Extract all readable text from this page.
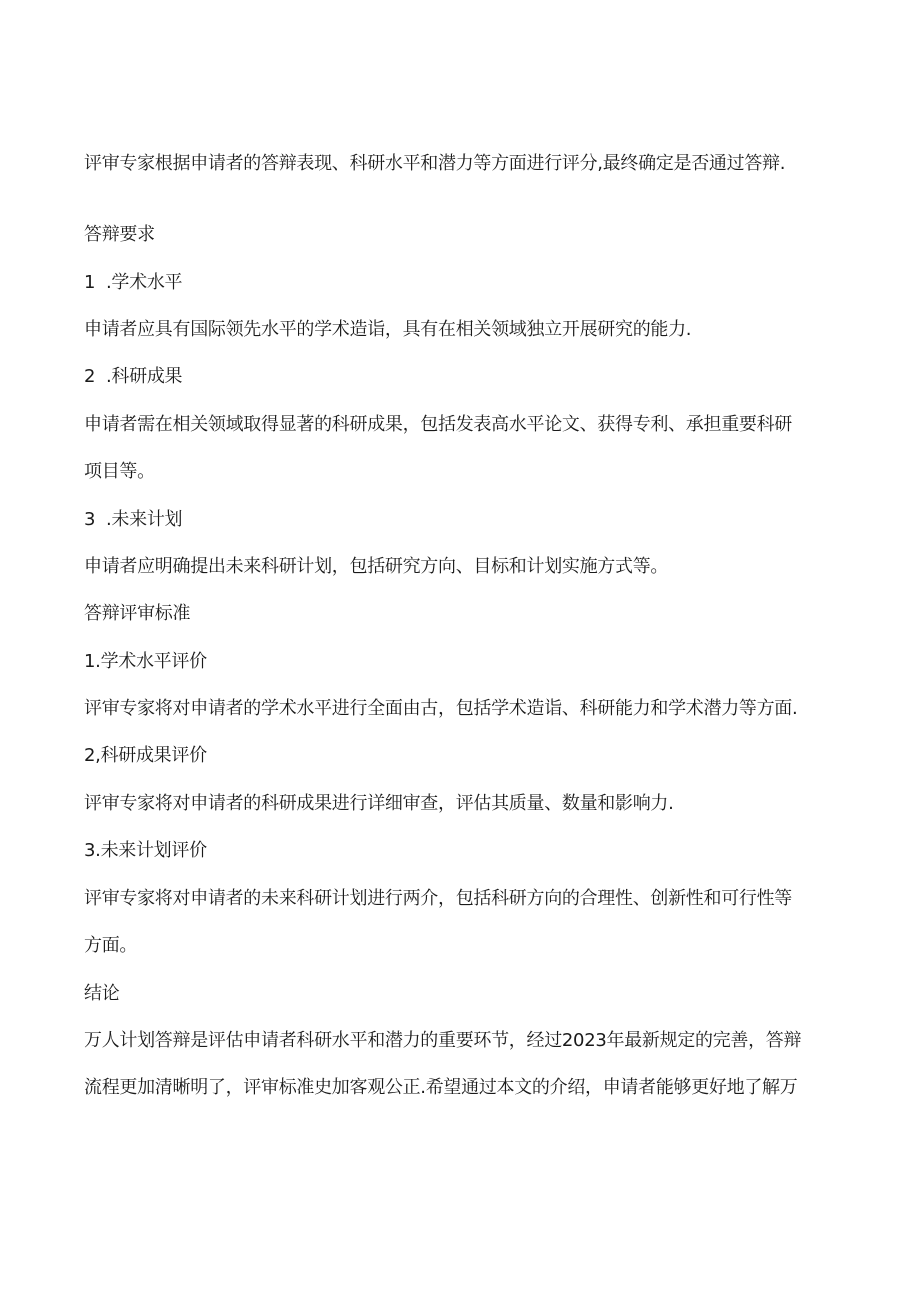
评审专家根据申请者的答辩表现、科研水平和潜力等方面进行评分,最终确定是否通过答辩.

答辩要求

1  .学术水平

申请者应具有国际领先水平的学术造诣，具有在相关领域独立开展研究的能力.

2  .科研成果

申请者需在相关领域取得显著的科研成果，包括发表高水平论文、获得专利、承担重要科研

项目等。

3  .未来计划

申请者应明确提出未来科研计划，包括研究方向、目标和计划实施方式等。

答辩评审标准

1.学术水平评价

评审专家将对申请者的学术水平进行全面由古，包括学术造诣、科研能力和学术潜力等方面.

2,科研成果评价

评审专家将对申请者的科研成果进行详细审查，评估其质量、数量和影响力.

3.未来计划评价

评审专家将对申请者的未来科研计划进行两介，包括科研方向的合理性、创新性和可行性等

方面。

结论

万人计划答辩是评估申请者科研水平和潜力的重要环节，经过2023年最新规定的完善，答辩

流程更加清晰明了，评审标准史加客观公正.希望通过本文的介绍，申请者能够更好地了解万
